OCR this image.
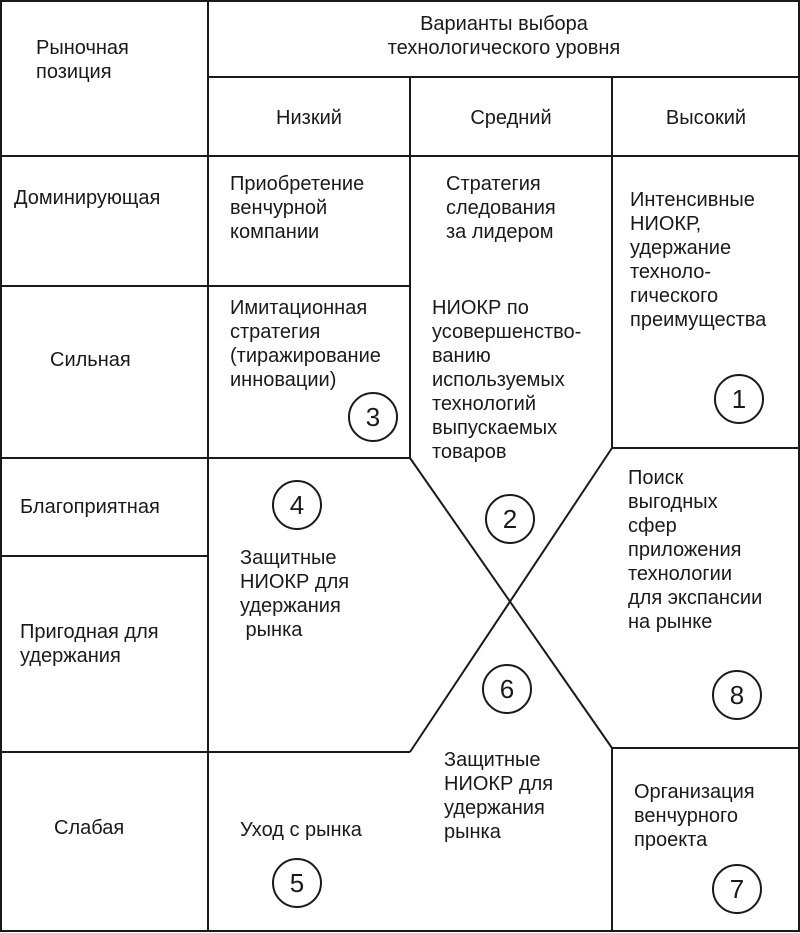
Рыночная
позиция
Варианты выбора
технологического уровня
Низкий	Средний	Высокий
Доминирующая
Сильная
Благоприятная
Пригодная для
удержания
Слабая
Приобретение
венчурной
компании
Стратегия
следования
за лидером
Интенсивные
НИОКР,
удержание
техноло-
гического
преимущества
Имитационная
стратегия
(тиражирование
инновации)
НИОКР по
усовершенство-
ванию
используемых
технологий
выпускаемых
товаров
Защитные
НИОКР для
удержания
рынка
Поиск
выгодных
сфер
приложения
технологии
для экспансии
на рынке
Защитные
НИОКР для
удержания
рынка
Уход с рынка
Организация
венчурного
проекта
1
2
3
4
5
6
7
8
